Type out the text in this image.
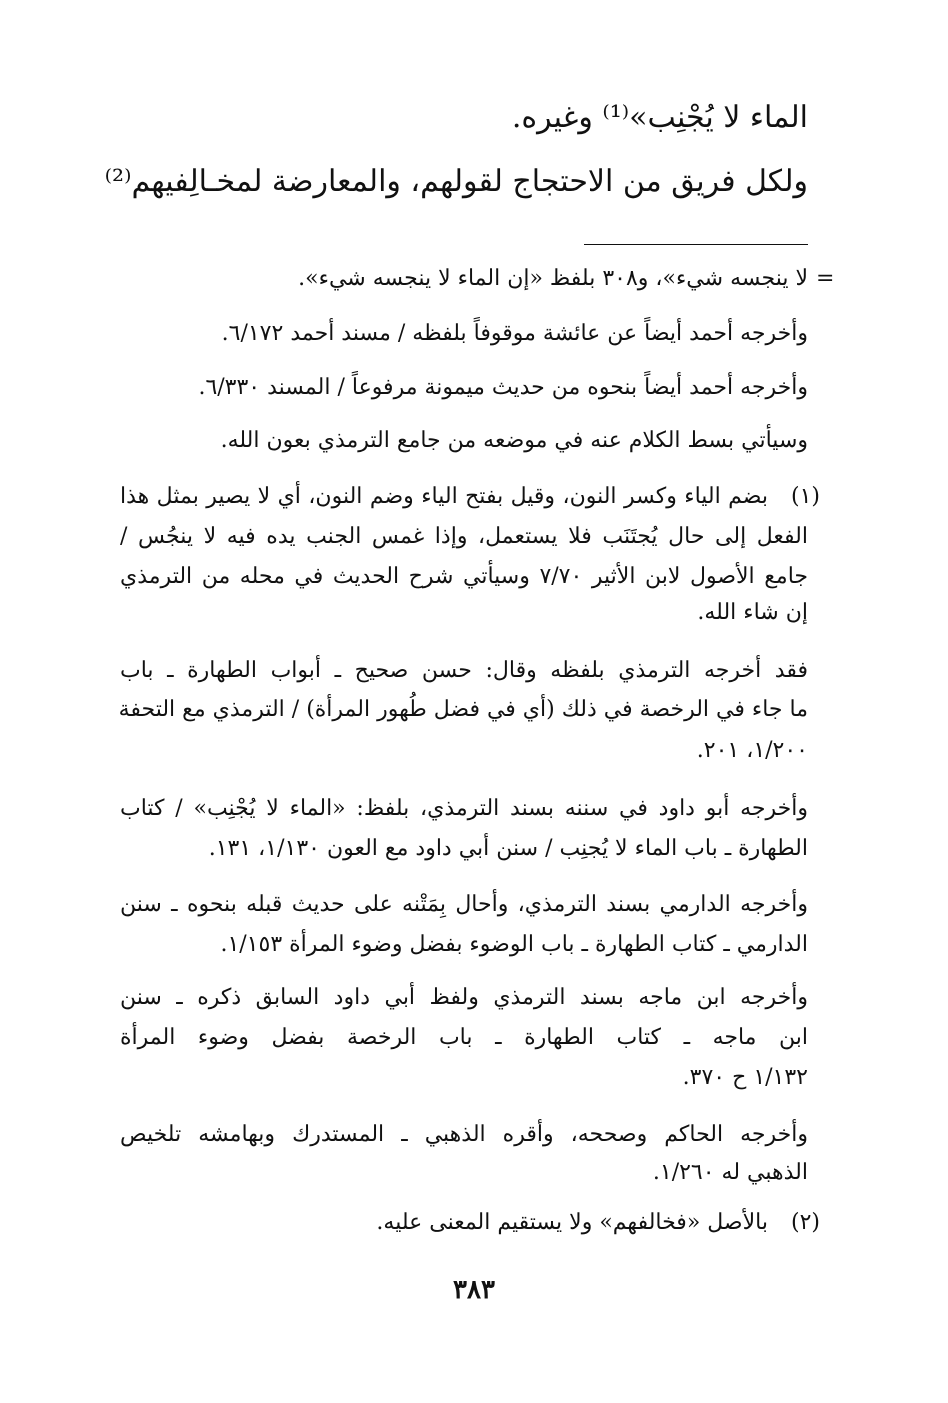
الماء لا يُجْنِب»⁽¹⁾ وغيره.
ولكل فريق من الاحتجاج لقولهم، والمعارضة لمخـالِفيهم⁽²⁾
=
لا ينجسه شيء»، و٣٠٨ بلفظ «إن الماء لا ينجسه شيء».
وأخرجه أحمد أيضاً عن عائشة موقوفاً بلفظه / مسند أحمد ٦/١٧٢.
وأخرجه أحمد أيضاً بنحوه من حديث ميمونة مرفوعاً / المسند ٦/٣٣٠.
وسيأتي بسط الكلام عنه في موضعه من جامع الترمذي بعون الله.
(١)
بضم الياء وكسر النون، وقيل بفتح الياء وضم النون، أي لا يصير بمثل هذا
الفعل إلى حال يُجتَنَب فلا يستعمل، وإذا غمس الجنب يده فيه لا ينجُس /
جامع الأصول لابن الأثير ٧/٧٠ وسيأتي شرح الحديث في محله من الترمذي
إن شاء الله.
فقد أخرجه الترمذي بلفظه وقال: حسن صحيح ـ أبواب الطهارة ـ باب
ما جاء في الرخصة في ذلك (أي في فضل طُهور المرأة) / الترمذي مع التحفة
١/٢٠٠، ٢٠١.
وأخرجه أبو داود في سننه بسند الترمذي، بلفظ: «الماء لا يُجْنِب» / كتاب
الطهارة ـ باب الماء لا يُجنِب / سنن أبي داود مع العون ١/١٣٠، ١٣١.
وأخرجه الدارمي بسند الترمذي، وأحال بِمَتْنه على حديث قبله بنحوه ـ سنن
الدارمي ـ كتاب الطهارة ـ باب الوضوء بفضل وضوء المرأة ١/١٥٣.
وأخرجه ابن ماجه بسند الترمذي ولفظ أبي داود السابق ذكره ـ سنن
ابن ماجه ـ كتاب الطهارة ـ باب الرخصة بفضل وضوء المرأة
١/١٣٢ ح ٣٧٠.
وأخرجه الحاكم وصححه، وأقره الذهبي ـ المستدرك وبهامشه تلخيص
الذهبي له ١/٢٦٠.
(٢)
بالأصل «فخالفهم» ولا يستقيم المعنى عليه.
٣٨٣
